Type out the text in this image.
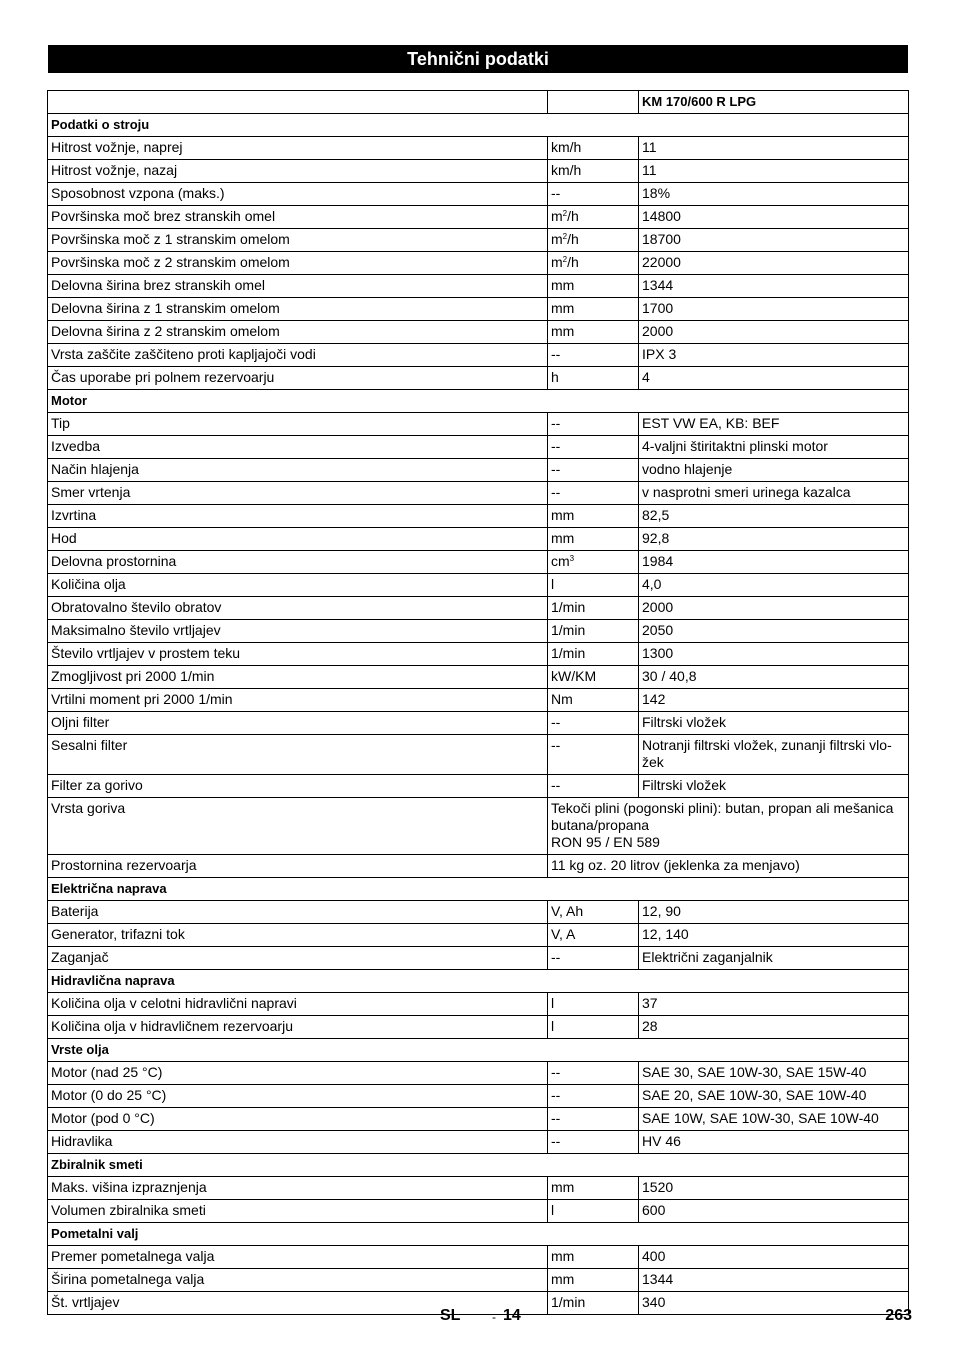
Tehnični podatki
		KM 170/600 R LPG
Podatki o stroju		
Hitrost vožnje, naprej	km/h	11
Hitrost vožnje, nazaj	km/h	11
Sposobnost vzpona (maks.)	--	18%
Površinska moč brez stranskih omel	$m^2/h$	14800
Površinska moč z 1 stranskim omelom	$m^2/h$	18700
Površinska moč z 2 stranskim omelom	$m^2/h$	22000
Delovna širina brez stranskih omel	mm	1344
Delovna širina z 1 stranskim omelom	mm	1700
Delovna širina z 2 stranskim omelom	mm	2000
Vrsta zaščite zaščiteno proti kapljajoči vodi	--	IPX 3
Čas uporabe pri polnem rezervoarju	h	4
Motor		
Tip	--	EST VW EA, KB: BEF
Izvedba	--	4-valjni štiritaktni plinski motor
Način hlajenja	--	vodno hlajenje
Smer vrtenja	--	v nasprotni smeri urinega kazalca
Izvrtina	mm	82,5
Hod	mm	92,8
Delovna prostornina	$cm^3$	1984
Količina olja	l	4,0
Obratovalno število obratov	1/min	2000
Maksimalno število vrtljajev	1/min	2050
Število vrtljajev v prostem teku	1/min	1300
Zmogljivost pri 2000 1/min	kW/KM	30 / 40,8
Vrtilni moment pri 2000 1/min	Nm	142
Oljni filter	--	Filtrski vložek
Sesalni filter	--	Notranji filtrski vložek, zunanji filtrski vlo-
žek

Filter za gorivo	--	Filtrski vložek
Vrsta goriva	Tekoči plini (pogonski plini): butan, propan ali mešanica
butana/propana
RON 95 / EN 589	

Prostornina rezervoarja	11 kg oz. 20 litrov (jeklenka za menjavo)	

Električna naprava		
Baterija	V, Ah	12, 90
Generator, trifazni tok	V, A	12, 140
Zaganjač	--	Električni zaganjalnik
Hidravlična naprava		
Količina olja v celotni hidravlični napravi	l	37
Količina olja v hidravličnem rezervoarju	l	28
Vrste olja		
Motor (nad 25 °C)	--	SAE 30, SAE 10W-30, SAE 15W-40
Motor (0 do 25 °C)	--	SAE 20, SAE 10W-30, SAE 10W-40
Motor (pod 0 °C)	--	SAE 10W, SAE 10W-30, SAE 10W-40
Hidravlika	--	HV 46
Zbiralnik smeti		
Maks. višina izpraznjenja	mm	1520
Volumen zbiralnika smeti	l	600
Pometalni valj		
Premer pometalnega valja	mm	400
Širina pometalnega valja	mm	1344
Št. vrtljajev	1/min	340
SL	- 14	263
